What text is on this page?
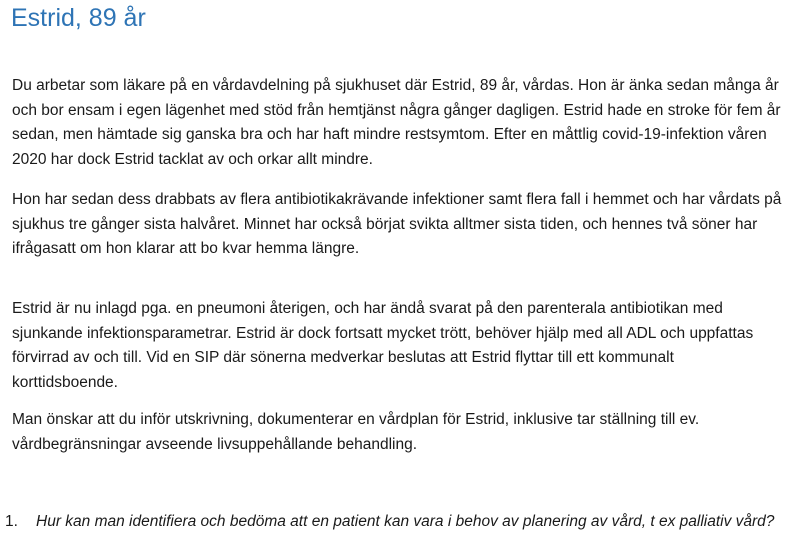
Estrid, 89 år

Du arbetar som läkare på en vårdavdelning på sjukhuset där Estrid, 89 år, vårdas. Hon är änka sedan många år och bor ensam i egen lägenhet med stöd från hemtjänst några gånger dagligen. Estrid hade en stroke för fem år sedan, men hämtade sig ganska bra och har haft mindre restsymtom. Efter en måttlig covid-19-infektion våren 2020 har dock Estrid tacklat av och orkar allt mindre.

Hon har sedan dess drabbats av flera antibiotikakrävande infektioner samt flera fall i hemmet och har vårdats på sjukhus tre gånger sista halvåret. Minnet har också börjat svikta alltmer sista tiden, och hennes två söner har ifrågasatt om hon klarar att bo kvar hemma längre.

Estrid är nu inlagd pga. en pneumoni återigen, och har ändå svarat på den parenterala antibiotikan med sjunkande infektionsparametrar. Estrid är dock fortsatt mycket trött, behöver hjälp med all ADL och uppfattas förvirrad av och till. Vid en SIP där sönerna medverkar beslutas att Estrid flyttar till ett kommunalt korttidsboende.

Man önskar att du inför utskrivning, dokumenterar en vårdplan för Estrid, inklusive tar ställning till ev. vårdbegränsningar avseende livsuppehållande behandling.

1.	Hur kan man identifiera och bedöma att en patient kan vara i behov av planering av vård, t ex palliativ vård?
